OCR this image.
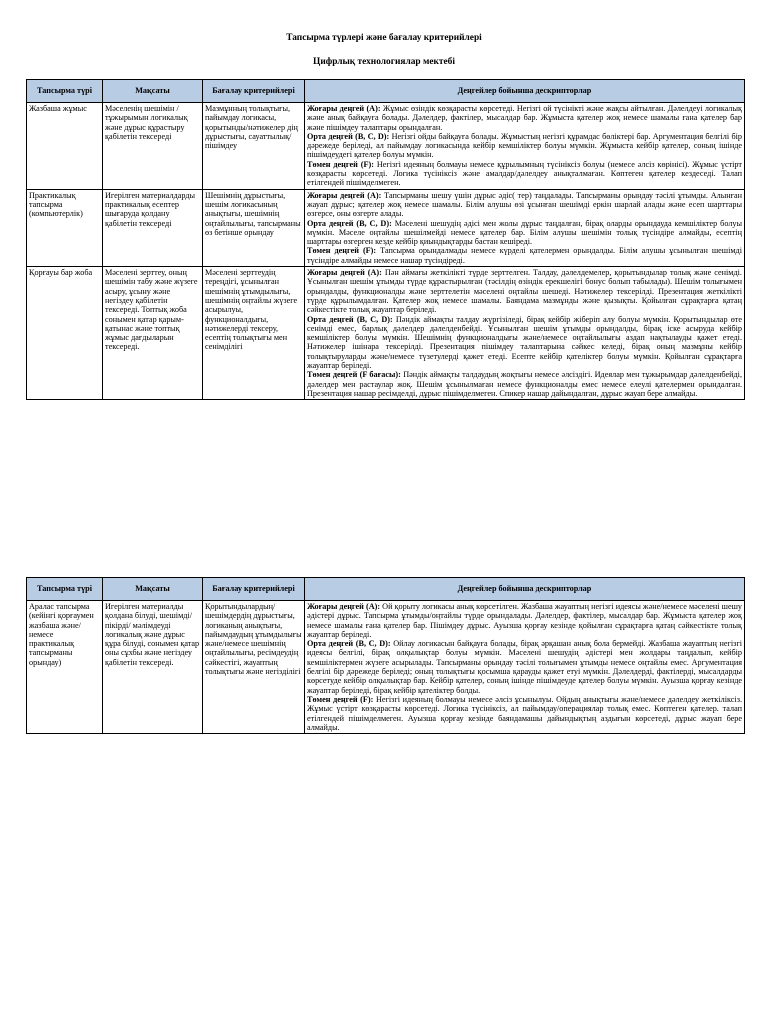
Тапсырма түрлері және бағалау критерийлері
Цифрлық технологиялар мектебі
Тапсырма түрі	Мақсаты	Бағалау критерийлері	Деңгейлер бойынша дескрипторлар
Жазбаша жұмыс	Мәселенің шешімін /тұжырымын логикалық және дұрыс құрастыру қабілетін тексереді	Мазмұнның толықтығы, пайымдау логикасы, қорытынды/нәтижелер дің дұрыстығы, сауаттылық/ пішімдеу	Жоғары деңгей (А): Жұмыс өзіндік көзқарасты көрсетеді. Негізгі ой түсінікті және жақсы айтылған. Дәлелдеуі логикалық және анық байқауға болады. Дәлелдер, фактілер, мысалдар бар. Жұмыста қателер жоқ немесе шамалы ғана қателер бар және пішімдеу талаптары орындалған.
Орта деңгей (B, C, D): Негізгі ойды байқауға болады. Жұмыстың негізгі құрамдас бөліктері бар. Аргументация белгілі бір дәрежеде беріледі, ал пайымдау логикасында кейбір кемшіліктер болуы мүмкін. Жұмыста кейбір қателер, соның ішінде пішімдеудегі қателер болуы мүмкін.
Төмен деңгей (F): Негізгі идеяның болмауы немесе құрылымның түсініксіз болуы (немесе әлсіз көрінісі). Жұмыс үстірт көзқарасты көрсетеді. Логика түсініксіз және амалдар/дәлелдеу анықталмаған. Көптеген қателер кездеседі. Талап етілгендей пішімделмеген.
Практикалық тапсырма (компьютерлік)	Игерілген материалдарды практикалық есептер шығаруда қолдану қабілетін тексереді	Шешімнің дұрыстығы, шешім логикасының анықтығы, шешімнің оңтайлылығы, тапсырманы өз бетінше орындау	Жоғары деңгей (А): Тапсырманы шешу үшін дұрыс әдіс( тер) таңдалады. Тапсырманы орындау тәсілі ұтымды. Алынған жауап дұрыс; қателер жоқ немесе шамалы. Білім алушы өзі ұсынған шешімді еркін шарлай алады және есеп шарттары өзгерсе, оны өзгерте алады.
Орта деңгей (B, C, D): Мәселені шешудің әдісі мен жолы дұрыс таңдалған, бірақ оларды орындауда кемшіліктер болуы мүмкін. Мәселе оңтайлы шешілмейді немесе қателер бар. Білім алушы шешімін толық түсіндіре алмайды, есептің шарттары өзгерген кезде кейбір қиындықтарды бастан кешіреді.
Төмен деңгей (F): Тапсырма орындалмады немесе күрделі қателермен орындалды. Білім алушы ұсынылған шешімді түсіндіре алмайды немесе нашар түсіндіреді.
Қорғауы бар жоба	Мәселені зерттеу, оның шешімін табу және жүзеге асыру, ұсыну және негіздеу қабілетін тексереді. Топтық жоба сонымен қатар қарым-қатынас және топтық жұмыс дағдыларын тексереді.	Мәселені зерттеудің тереңдігі, ұсынылған шешімнің ұтымдылығы, шешімнің оңтайлы жүзеге асырылуы, функционалдығы, нәтижелерді тексеру, есептің толықтығы мен сенімділігі	Жоғары деңгей (А): Пән аймағы жеткілікті түрде зерттелген. Талдау, дәлелдемелер, қорытындылар толық және сенімді. Ұсынылған шешім ұтымды түрде құрастырылған (тәсілдің өзіндік ерекшелігі бонус болып табылады). Шешім толығымен орындалды, функционалды және зерттелетін мәселені оңтайлы шешеді. Нәтижелер тексерілді. Презентация жеткілікті түрде құрылымдалған. Қателер жоқ немесе шамалы. Баяндама мазмұнды және қызықты. Қойылған сұрақтарға қатаң сәйкестікте толық жауаптар беріледі.
Орта деңгей (B, C, D): Пәндік аймақты талдау жүргізіледі, бірақ кейбір жіберіп алу болуы мүмкін. Қорытындылар өте сенімді емес, барлық дәлелдер дәлелденбейді. Ұсынылған шешім ұтымды орындалды, бірақ іске асыруда кейбір кемшіліктер болуы мүмкін. Шешімнің функционалдығы және/немесе оңтайлылығы аздап нақтылауды қажет етеді. Нәтижелер ішінара тексерілді. Презентация пішімдеу талаптарына сәйкес келеді, бірақ оның мазмұны кейбір толықтыруларды және/немесе түзетулерді қажет етеді. Есепте кейбір қателіктер болуы мүмкін. Қойылған сұрақтарға жауаптар беріледі.
Төмен деңгей (F бағасы): Пәндік аймақты талдаудың жоқтығы немесе әлсіздігі. Идеялар мен тұжырымдар дәлелденбейді, дәлелдер мен растаулар жоқ. Шешім ұсынылмаған немесе функционалды емес немесе елеулі қателермен орындалған. Презентация нашар ресімделді, дұрыс пішімделмеген. Спикер нашар дайындалған, дұрыс жауап бере алмайды.
Тапсырма түрі	Мақсаты	Бағалау критерийлері	Деңгейлер бойынша дескрипторлар
Аралас тапсырма (кейінгі қорғаумен жазбаша және/немесе практикалық тапсырманы орындау)	Игерілген материалды қолдана білуді, шешімді/пікірді/ мәлімдеуді логикалық және дұрыс құра білуді, сонымен қатар оны сұхбы және негіздеу қабілетін тексереді.	Қорытындылардың/ шешімдердің дұрыстығы, логиканың анықтығы, пайымдаудың ұтымдылығы және/немесе шешімнің оңтайлылығы, ресімдеудің сәйкестігі, жауаптың толықтығы және негізділігі	Жоғары деңгей (А): Ой қорыту логикасы анық көрсетілген. Жазбаша жауаптың негізгі идеясы және/немесе мәселені шешу әдістері дұрыс. Тапсырма ұтымды/оңтайлы түрде орындалады. Дәлелдер, фактілер, мысалдар бар. Жұмыста қателер жоқ немесе шамалы ғана қателер бар. Пішімдеу дұрыс. Ауызша қорғау кезінде қойылған сұрақтарға қатаң сәйкестікте толық жауаптар беріледі.
Орта деңгей (B, C, D): Ойлау логикасын байқауға болады, бірақ әрқашан анық бола бермейді. Жазбаша жауаптың негізгі идеясы белгілі, бірақ олқылықтар болуы мүмкін. Мәселені шешудің әдістері мен жолдары таңдалып, кейбір кемшіліктермен жүзеге асырылады. Тапсырманы орындау тәсілі толығымен ұтымды немесе оңтайлы емес. Аргументация белгілі бір дәрежеде беріледі; оның толықтығы қосымша қарауды қажет етуі мүмкін. Дәлелдерді, фактілерді, мысалдарды көрсетуде кейбір олқылықтар бар. Кейбір қателер, соның ішінде пішімдеуде қателер болуы мүмкін. Ауызша қорғау кезінде жауаптар беріледі, бірақ кейбір қателіктер болды.
Төмен деңгей (F): Негізгі идеяның болмауы немесе әлсіз ұсынылуы. Ойдың анықтығы және/немесе дәлелдеу жеткіліксіз. Жұмыс үстірт көзқарасты көрсетеді. Логика түсініксіз, ал пайымдау/операциялар толық емес. Көптеген қателер. талап етілгендей пішімделмеген. Ауызша қорғау кезінде баяндамашы дайындықтың аздығын көрсетеді, дұрыс жауап бере алмайды.
